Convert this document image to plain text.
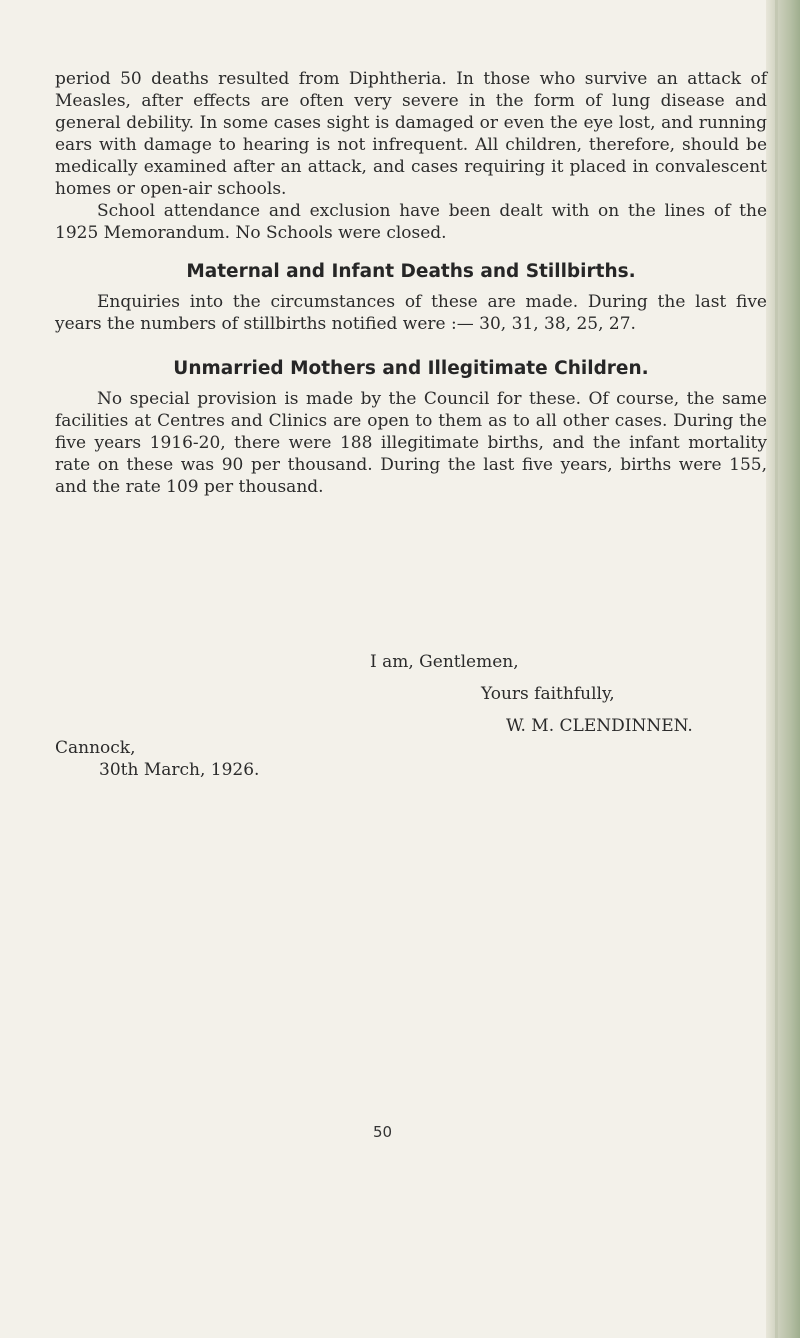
period 50 deaths resulted from Diphtheria. In those who survive an attack of Measles, after effects are often very severe in the form of lung disease and general debility. In some cases sight is damaged or even the eye lost, and running ears with damage to hearing is not infrequent. All children, therefore, should be medically examined after an attack, and cases requiring it placed in convalescent homes or open-air schools.

School attendance and exclusion have been dealt with on the lines of the 1925 Memorandum. No Schools were closed.

Maternal and Infant Deaths and Stillbirths.

Enquiries into the circumstances of these are made. During the last five years the numbers of stillbirths notified were :— 30, 31, 38, 25, 27.

Unmarried Mothers and Illegitimate Children.

No special provision is made by the Council for these. Of course, the same facilities at Centres and Clinics are open to them as to all other cases. During the five years 1916-20, there were 188 illegitimate births, and the infant mortality rate on these was 90 per thousand. During the last five years, births were 155, and the rate 109 per thousand.

I am, Gentlemen,
Yours faithfully,
W. M. CLENDINNEN.
Cannock,
30th March, 1926.
50
